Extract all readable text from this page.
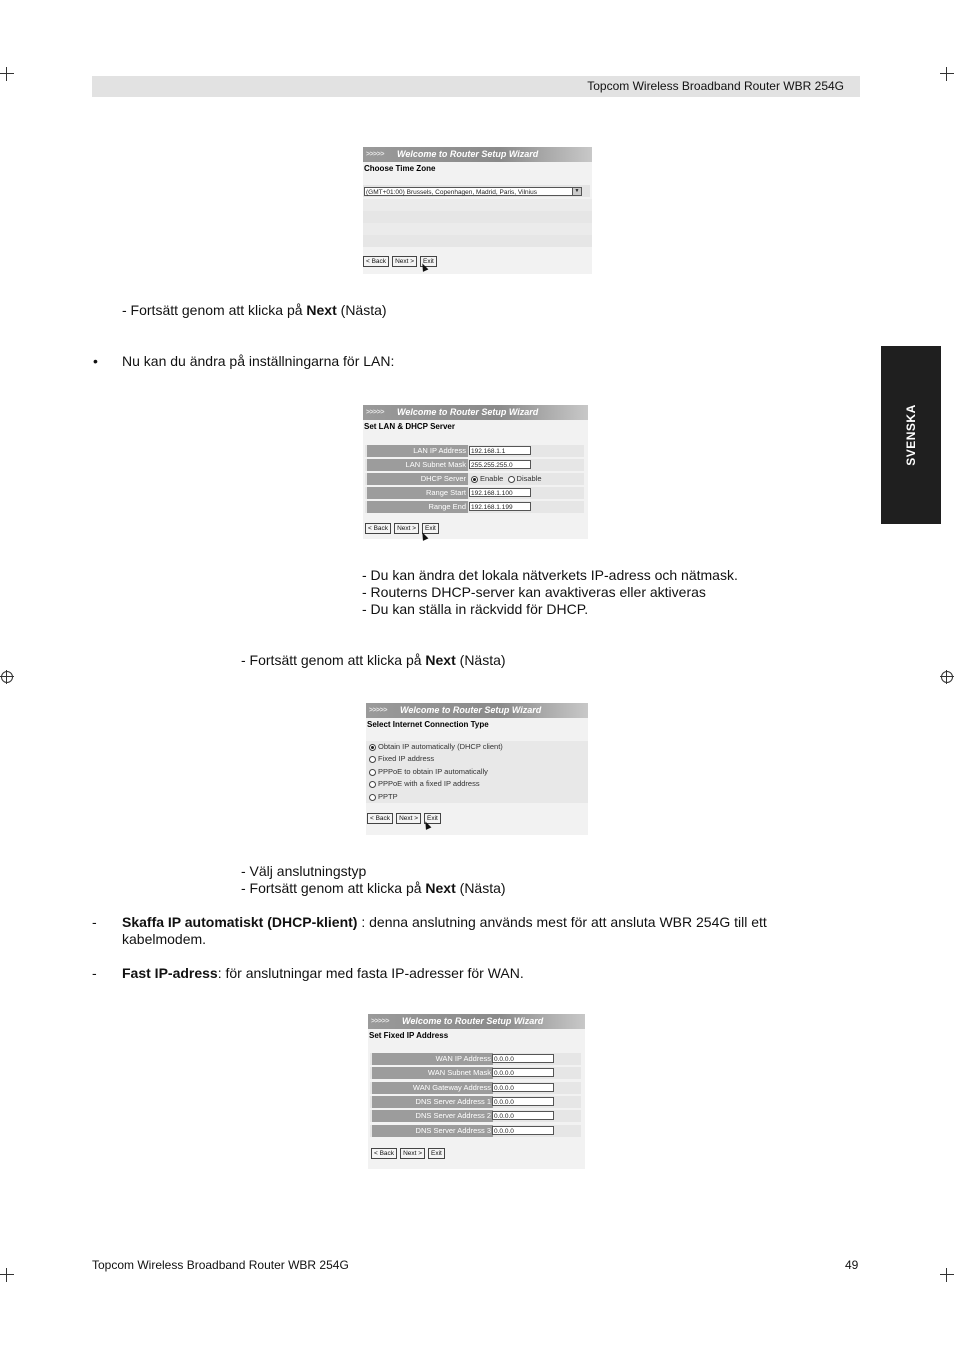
Topcom Wireless Broadband Router WBR 254G
SVENSKA
>>>>> Welcome to Router Setup Wizard
Choose Time Zone
(GMT+01:00) Brussels, Copenhagen, Madrid, Paris, Vilnius	▼
< Back	Next >	Exit
- Fortsätt genom att klicka på Next (Nästa)
• Nu kan du ändra på inställningarna för LAN:
>>>>> Welcome to Router Setup Wizard
Set LAN & DHCP Server
LAN IP Address 192.168.1.1
LAN Subnet Mask 255.255.255.0
DHCP Server	Enable Disable
Range Start 192.168.1.100
Range End 192.168.1.199
< Back	Next >	Exit
- Du kan ändra det lokala nätverkets IP-adress och nätmask.
- Routerns DHCP-server kan avaktiveras eller aktiveras
- Du kan ställa in räckvidd för DHCP.
- Fortsätt genom att klicka på Next (Nästa)
>>>>> Welcome to Router Setup Wizard
Select Internet Connection Type
Obtain IP automatically (DHCP client)
Fixed IP address
PPPoE to obtain IP automatically
PPPoE with a fixed IP address
PPTP
< Back	Next >	Exit
- Välj anslutningstyp
- Fortsätt genom att klicka på Next (Nästa)
- Skaffa IP automatiskt (DHCP-klient) : denna anslutning används mest för att ansluta WBR 254G till ett
kabelmodem.
- Fast IP-adress: för anslutningar med fasta IP-adresser för WAN.
>>>>> Welcome to Router Setup Wizard
Set Fixed IP Address
WAN IP Address 0.0.0.0
WAN Subnet Mask 0.0.0.0
WAN Gateway Address 0.0.0.0
DNS Server Address 1 0.0.0.0
DNS Server Address 2 0.0.0.0
DNS Server Address 3 0.0.0.0
< Back	Next >	Exit
Topcom Wireless Broadband Router WBR 254G	49
